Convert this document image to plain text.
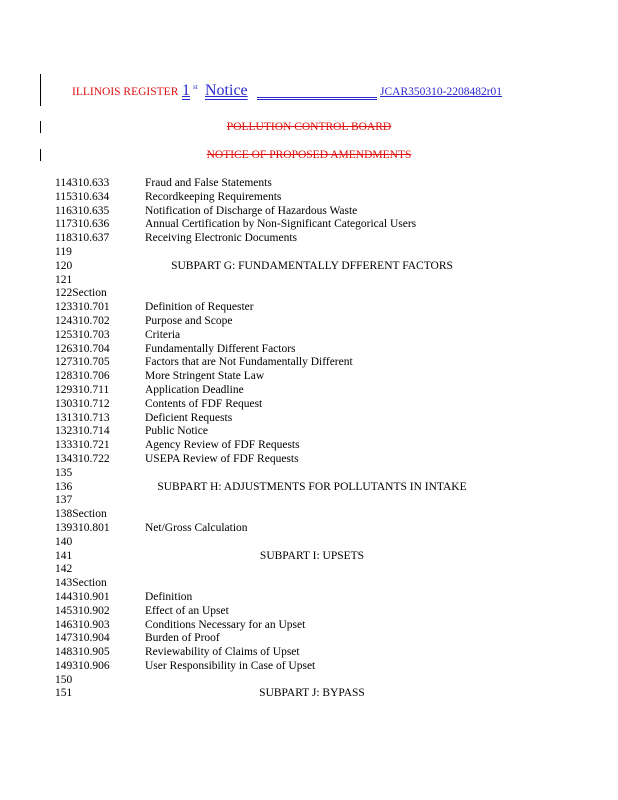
ILLINOIS REGISTER 1 st Notice	JCAR350310-2208482r01
POLLUTION CONTROL BOARD
NOTICE OF PROPOSED AMENDMENTS
114310.633	Fraud and False Statements
115310.634	Recordkeeping Requirements
116310.635	Notification of Discharge of Hazardous Waste
117310.636	Annual Certification by Non-Significant Categorical Users
118310.637	Receiving Electronic Documents
119
120	SUBPART G: FUNDAMENTALLY DFFERENT FACTORS
121
122Section
123310.701	Definition of Requester
124310.702	Purpose and Scope
125310.703	Criteria
126310.704	Fundamentally Different Factors
127310.705	Factors that are Not Fundamentally Different
128310.706	More Stringent State Law
129310.711	Application Deadline
130310.712	Contents of FDF Request
131310.713	Deficient Requests
132310.714	Public Notice
133310.721	Agency Review of FDF Requests
134310.722	USEPA Review of FDF Requests
135
136	SUBPART H: ADJUSTMENTS FOR POLLUTANTS IN INTAKE
137
138Section
139310.801	Net/Gross Calculation
140
141	SUBPART I: UPSETS
142
143Section
144310.901	Definition
145310.902	Effect of an Upset
146310.903	Conditions Necessary for an Upset
147310.904	Burden of Proof
148310.905	Reviewability of Claims of Upset
149310.906	User Responsibility in Case of Upset
150
151	SUBPART J: BYPASS
